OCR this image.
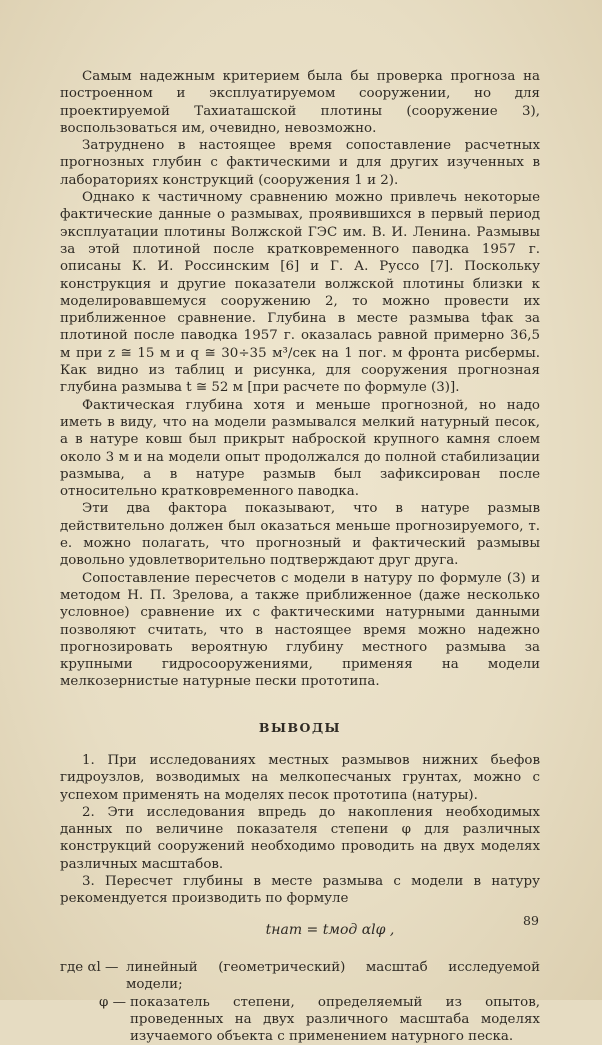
Самым надежным критерием была бы проверка прогноза на построенном и эксплуатируемом сооружении, но для проектируемой Тахиаташской плотины (сооружение 3), воспользоваться им, очевидно, невозможно.

Затруднено в настоящее время сопоставление расчетных прогнозных глубин с фактическими и для других изученных в лабораториях конструкций (сооружения 1 и 2).

Однако к частичному сравнению можно привлечь некоторые фактические данные о размывах, проявившихся в первый период эксплуатации плотины Волжской ГЭС им. В. И. Ленина. Размывы за этой плотиной после кратковременного паводка 1957 г. описаны К. И. Россинским [6] и Г. А. Руссо [7]. Поскольку конструкция и другие показатели волжской плотины близки к моделировавшемуся сооружению 2, то можно провести их приближенное сравнение. Глубина в месте размыва tфак за плотиной после паводка 1957 г. оказалась равной примерно 36,5 м при z ≅ 15 м и q ≅ 30÷35 м³/сек на 1 пог. м фронта рисбермы. Как видно из таблиц и рисунка, для сооружения прогнозная глубина размыва t ≅ 52 м [при расчете по формуле (3)].

Фактическая глубина хотя и меньше прогнозной, но надо иметь в виду, что на модели размывался мелкий натурный песок, а в натуре ковш был прикрыт наброской крупного камня слоем около 3 м и на модели опыт продолжался до полной стабилизации размыва, а в натуре размыв был зафиксирован после относительно кратковременного паводка.

Эти два фактора показывают, что в натуре размыв действительно должен был оказаться меньше прогнозируемого, т. е. можно полагать, что прогнозный и фактический размывы довольно удовлетворительно подтверждают друг друга.

Сопоставление пересчетов с модели в натуру по формуле (3) и методом Н. П. Зрелова, а также приближенное (даже несколько условное) сравнение их с фактическими натурными данными позволяют считать, что в настоящее время можно надежно прогнозировать вероятную глубину местного размыва за крупными гидросооружениями, применяя на модели мелкозернистые натурные пески прототипа.

ВЫВОДЫ

1. При исследованиях местных размывов нижних бьефов гидроузлов, возводимых на мелкопесчаных грунтах, можно с успехом применять на моделях песок прототипа (натуры).

2. Эти исследования впредь до накопления необходимых данных по величине показателя степени φ для различных конструкций сооружений необходимо проводить на двух моделях различных масштабов.

3. Пересчет глубины в месте размыва с модели в натуру рекомендуется производить по формуле

tнат = tмод αlφ ,
где αl — линейный (геометрический) масштаб исследуемой модели;
φ — показатель степени, определяемый из опытов, проведенных на двух различного масштаба моделях изучаемого объекта с применением натурного песка.
89
